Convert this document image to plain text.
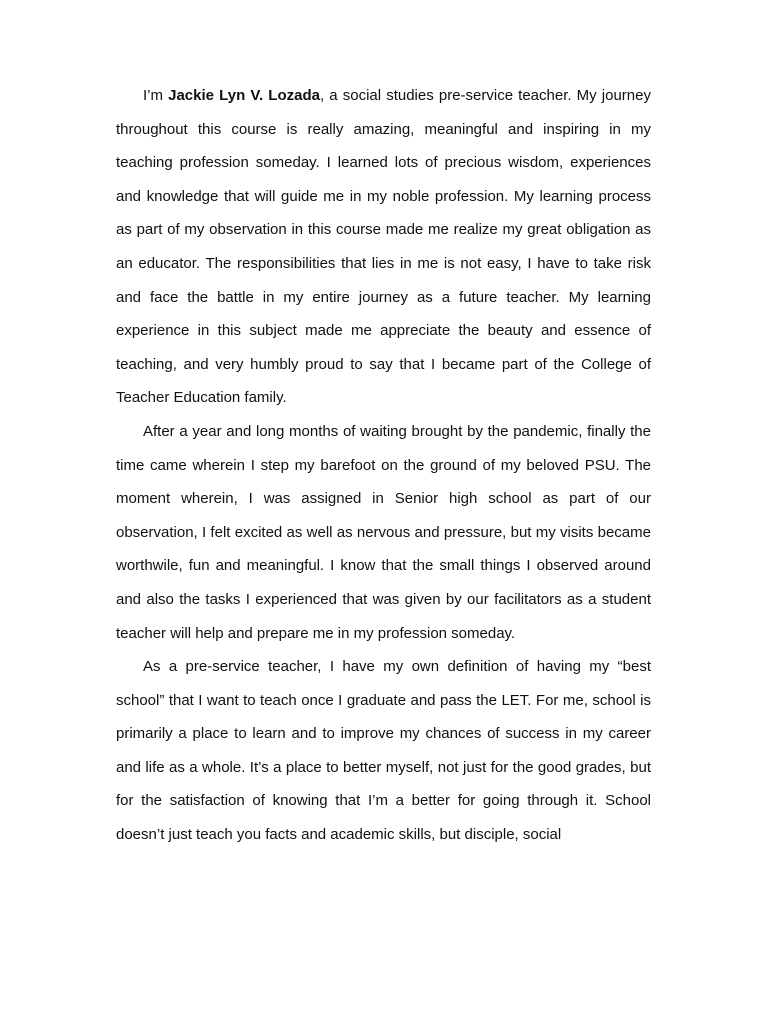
I’m Jackie Lyn V. Lozada, a social studies pre-service teacher. My journey throughout this course is really amazing, meaningful and inspiring in my teaching profession someday. I learned lots of precious wisdom, experiences and knowledge that will guide me in my noble profession. My learning process as part of my observation in this course made me realize my great obligation as an educator. The responsibilities that lies in me is not easy, I have to take risk and face the battle in my entire journey as a future teacher. My learning experience in this subject made me appreciate the beauty and essence of teaching, and very humbly proud to say that I became part of the College of Teacher Education family.

After a year and long months of waiting brought by the pandemic, finally the time came wherein I step my barefoot on the ground of my beloved PSU. The moment wherein, I was assigned in Senior high school as part of our observation, I felt excited as well as nervous and pressure, but my visits became worthwile, fun and meaningful. I know that the small things I observed around and also the tasks I experienced that was given by our facilitators as a student teacher will help and prepare me in my profession someday.

As a pre-service teacher, I have my own definition of having my “best school” that I want to teach once I graduate and pass the LET. For me, school is primarily a place to learn and to improve my chances of success in my career and life as a whole. It’s a place to better myself, not just for the good grades, but for the satisfaction of knowing that I’m a better for going through it. School doesn’t just teach you facts and academic skills, but disciple, social
